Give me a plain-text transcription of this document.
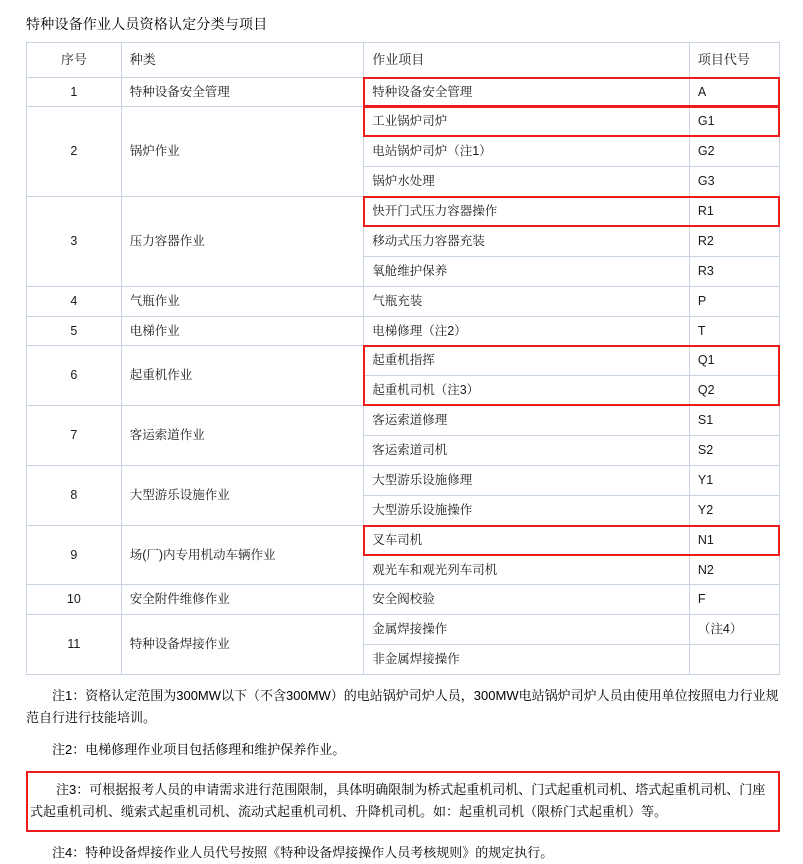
特种设备作业人员资格认定分类与项目
序号	种类	作业项目	项目代号

1	特种设备安全管理	特种设备安全管理	A

2	锅炉作业	工业锅炉司炉	G1

		电站锅炉司炉（注1）	G2

		锅炉水处理	G3

3	压力容器作业	快开门式压力容器操作	R1

		移动式压力容器充装	R2

		氧舱维护保养	R3

4	气瓶作业	气瓶充装	P

5	电梯作业	电梯修理（注2）	T

6	起重机作业	起重机指挥	Q1

		起重机司机（注3）	Q2

7	客运索道作业	客运索道修理	S1

		客运索道司机	S2

8	大型游乐设施作业	大型游乐设施修理	Y1

		大型游乐设施操作	Y2

9	场(厂)内专用机动车辆作业	叉车司机	N1

		观光车和观光列车司机	N2

10	安全附件维修作业	安全阀校验	F

11	特种设备焊接作业	金属焊接操作	（注4）

		非金属焊接操作	

注1：资格认定范围为300MW以下（不含300MW）的电站锅炉司炉人员，300MW电站锅炉司炉人员由使用单位按照电力行业规范自行进行技能培训。
注2：电梯修理作业项目包括修理和维护保养作业。

注3：可根据报考人员的申请需求进行范围限制，具体明确限制为桥式起重机司机、门式起重机司机、塔式起重机司机、门座式起重机司机、缆索式起重机司机、流动式起重机司机、升降机司机。如：起重机司机（限桥门式起重机）等。

注4：特种设备焊接作业人员代号按照《特种设备焊接操作人员考核规则》的规定执行。
